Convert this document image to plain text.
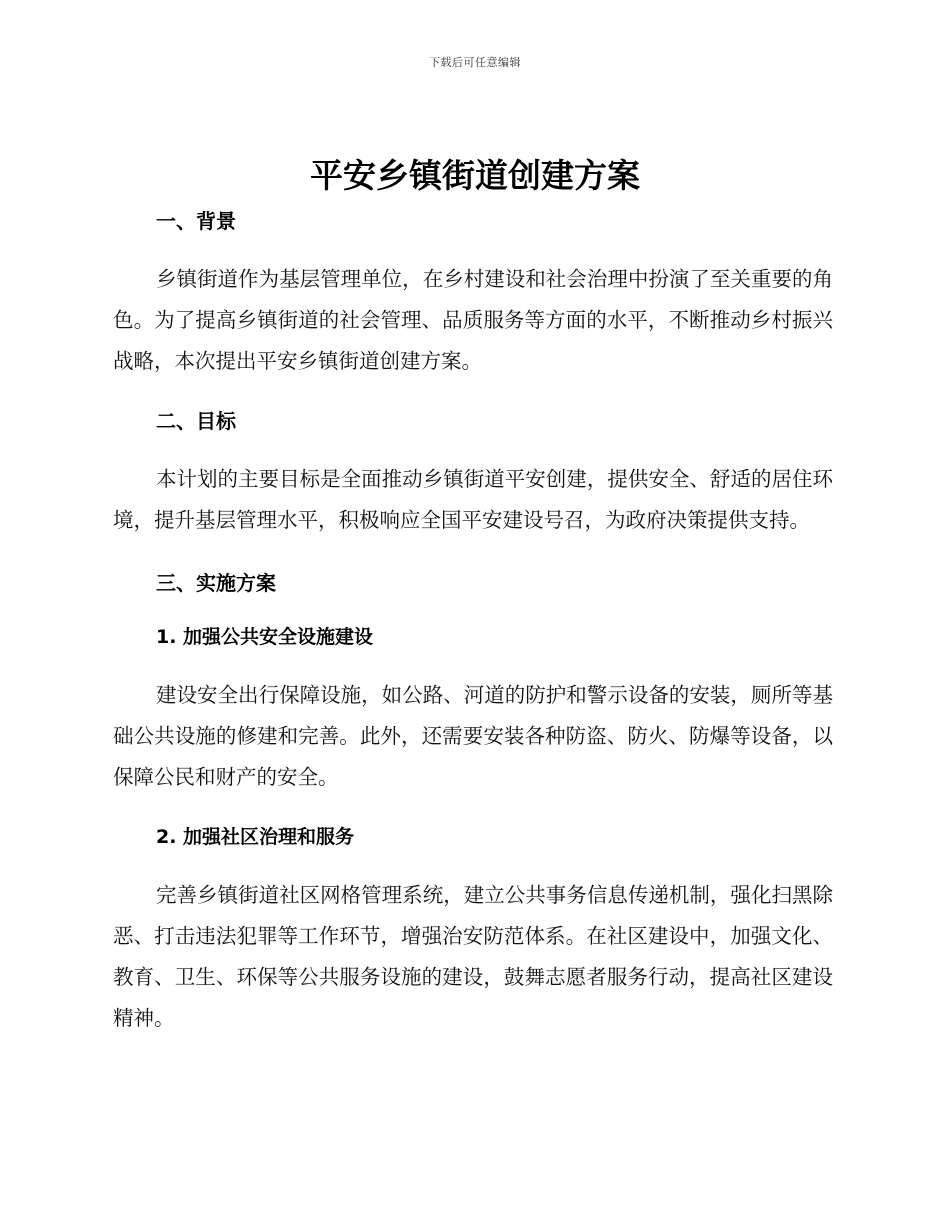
下载后可任意编辑
平安乡镇街道创建方案
一、背景

乡镇街道作为基层管理单位，在乡村建设和社会治理中扮演了至关重要的角色。为了提高乡镇街道的社会管理、品质服务等方面的水平，不断推动乡村振兴战略，本次提出平安乡镇街道创建方案。

二、目标

本计划的主要目标是全面推动乡镇街道平安创建，提供安全、舒适的居住环境，提升基层管理水平，积极响应全国平安建设号召，为政府决策提供支持。

三、实施方案
1. 加强公共安全设施建设

建设安全出行保障设施，如公路、河道的防护和警示设备的安装，厕所等基础公共设施的修建和完善。此外，还需要安装各种防盗、防火、防爆等设备，以保障公民和财产的安全。

2. 加强社区治理和服务

完善乡镇街道社区网格管理系统，建立公共事务信息传递机制，强化扫黑除恶、打击违法犯罪等工作环节，增强治安防范体系。在社区建设中，加强文化、教育、卫生、环保等公共服务设施的建设，鼓舞志愿者服务行动，提高社区建设精神。
